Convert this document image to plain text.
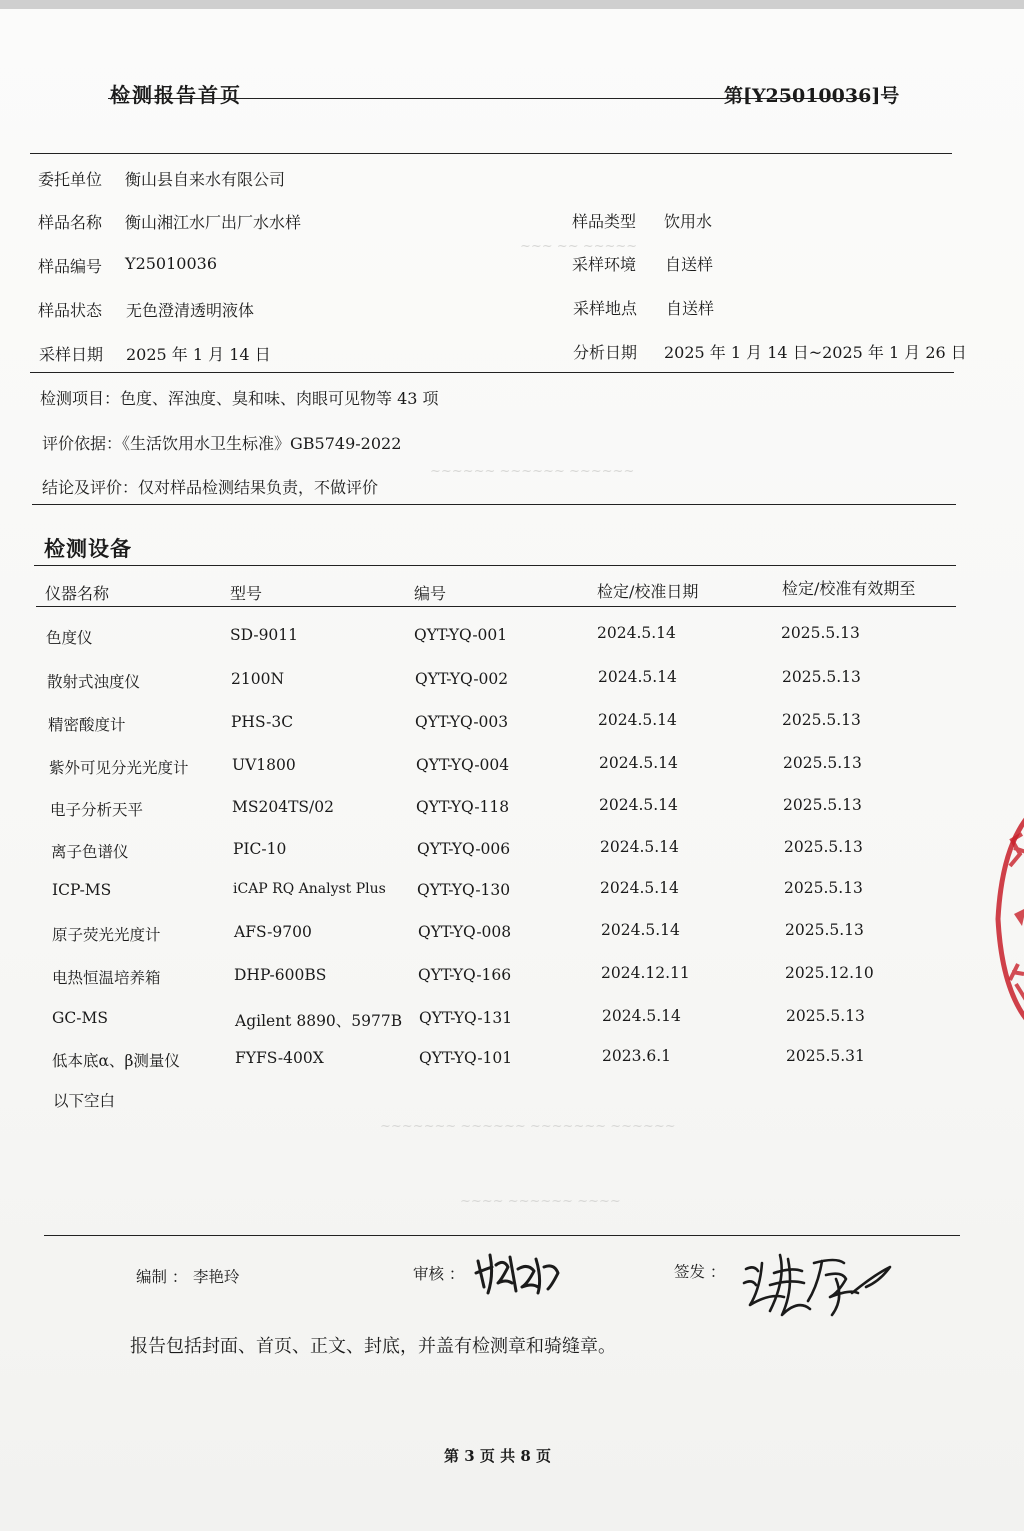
~~~ ~~ ~~~~~
~~~~~~ ~~~~~~ ~~~~~~
~~~~~~~ ~~~~~~ ~~~~~~~ ~~~~~~
~~~~ ~~~~~~ ~~~~
检测报告首页	第[Y25010036]号
委托单位 衡山县自来水有限公司
样品名称 衡山湘江水厂出厂水水样	样品类型 饮用水
样品编号 Y25010036	采样环境 自送样
样品状态 无色澄清透明液体	采样地点 自送样
采样日期 2025 年 1 月 14 日	分析日期 2025 年 1 月 14 日~2025 年 1 月 26 日
检测项目：色度、浑浊度、臭和味、肉眼可见物等 43 项
评价依据：《生活饮用水卫生标准》GB5749-2022
结论及评价：仅对样品检测结果负责，不做评价
检测设备
仪器名称	型号	编号	检定/校准日期	检定/校准有效期至
色度仪	SD-9011	QYT-YQ-001	2024.5.14	2025.5.13
散射式浊度仪	2100N	QYT-YQ-002	2024.5.14	2025.5.13
精密酸度计	PHS-3C	QYT-YQ-003	2024.5.14	2025.5.13
紫外可见分光光度计	UV1800	QYT-YQ-004	2024.5.14	2025.5.13
电子分析天平	MS204TS/02	QYT-YQ-118	2024.5.14	2025.5.13
离子色谱仪	PIC-10	QYT-YQ-006	2024.5.14	2025.5.13
ICP-MS	iCAP RQ Analyst Plus QYT-YQ-130	2024.5.14	2025.5.13
原子荧光光度计	AFS-9700	QYT-YQ-008	2024.5.14	2025.5.13
电热恒温培养箱	DHP-600BS	QYT-YQ-166	2024.12.11	2025.12.10
GC-MS	Agilent 8890、5977B QYT-YQ-131	2024.5.14	2025.5.13
低本底α、β测量仪	FYFS-400X	QYT-YQ-101	2023.6.1	2025.5.31
以下空白
编制 ： 李艳玲	审核 ：	签发 ：
报告包括封面、首页、正文、封底，并盖有检测章和骑缝章。
第 3 页 共 8 页
